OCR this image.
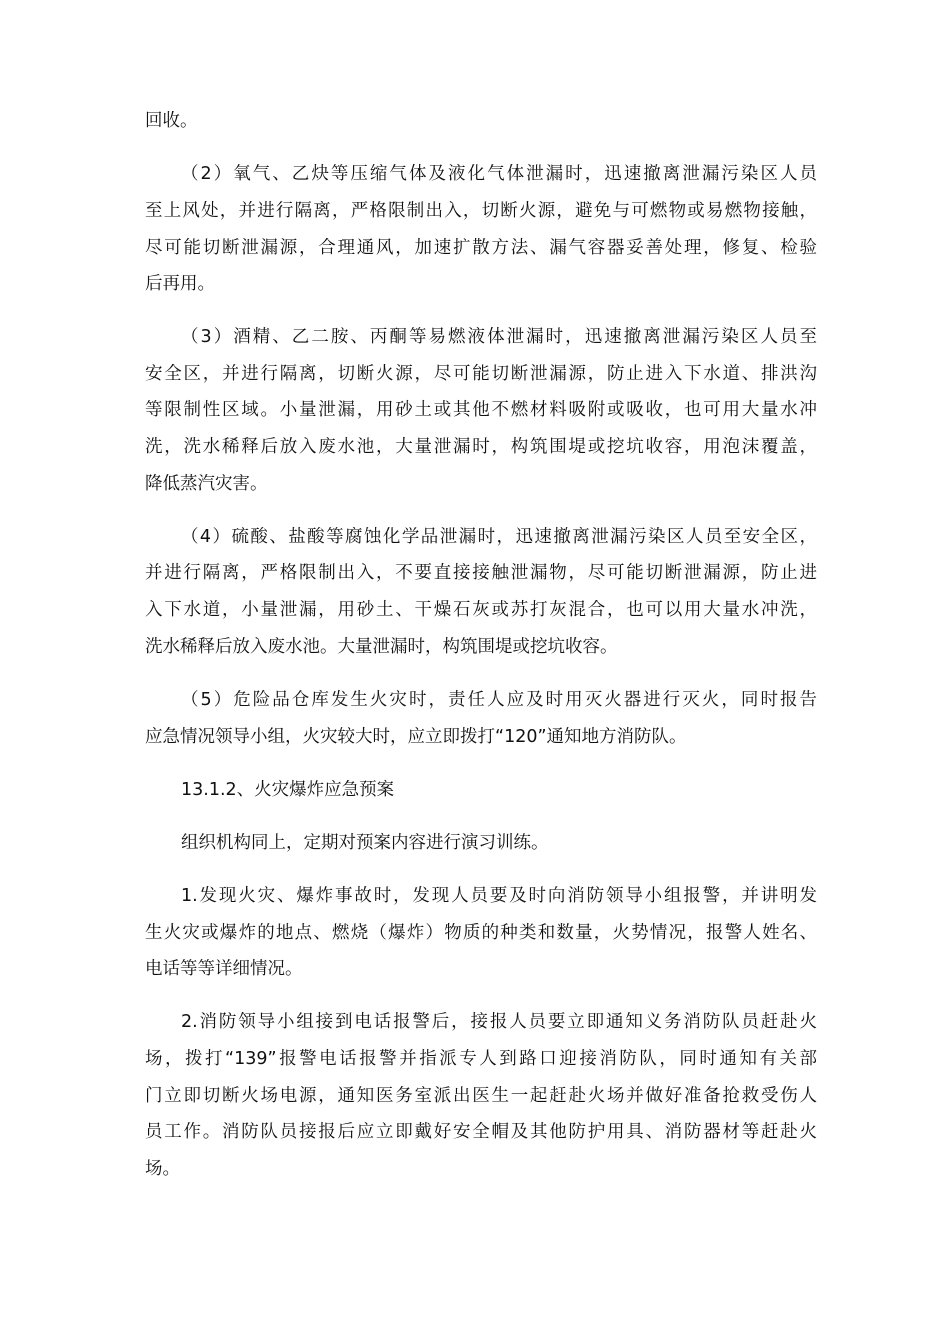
回收。
（2）氧气、乙炔等压缩气体及液化气体泄漏时，迅速撤离泄漏污染区人员
至上风处，并进行隔离，严格限制出入，切断火源，避免与可燃物或易燃物接触，
尽可能切断泄漏源，合理通风，加速扩散方法、漏气容器妥善处理，修复、检验
后再用。
（3）酒精、乙二胺、丙酮等易燃液体泄漏时，迅速撤离泄漏污染区人员至
安全区，并进行隔离，切断火源，尽可能切断泄漏源，防止进入下水道、排洪沟
等限制性区域。小量泄漏，用砂土或其他不燃材料吸附或吸收，也可用大量水冲
洗，洗水稀释后放入废水池，大量泄漏时，构筑围堤或挖坑收容，用泡沫覆盖，
降低蒸汽灾害。
（4）硫酸、盐酸等腐蚀化学品泄漏时，迅速撤离泄漏污染区人员至安全区，
并进行隔离，严格限制出入，不要直接接触泄漏物，尽可能切断泄漏源，防止进
入下水道，小量泄漏，用砂土、干燥石灰或苏打灰混合，也可以用大量水冲洗，
洗水稀释后放入废水池。大量泄漏时，构筑围堤或挖坑收容。
（5）危险品仓库发生火灾时，责任人应及时用灭火器进行灭火，同时报告
应急情况领导小组，火灾较大时，应立即拨打“120”通知地方消防队。
13.1.2、火灾爆炸应急预案
组织机构同上，定期对预案内容进行演习训练。
1.发现火灾、爆炸事故时，发现人员要及时向消防领导小组报警，并讲明发
生火灾或爆炸的地点、燃烧（爆炸）物质的种类和数量，火势情况，报警人姓名、
电话等等详细情况。
2.消防领导小组接到电话报警后，接报人员要立即通知义务消防队员赶赴火
场，拨打“139”报警电话报警并指派专人到路口迎接消防队，同时通知有关部
门立即切断火场电源，通知医务室派出医生一起赶赴火场并做好准备抢救受伤人
员工作。消防队员接报后应立即戴好安全帽及其他防护用具、消防器材等赶赴火
场。
